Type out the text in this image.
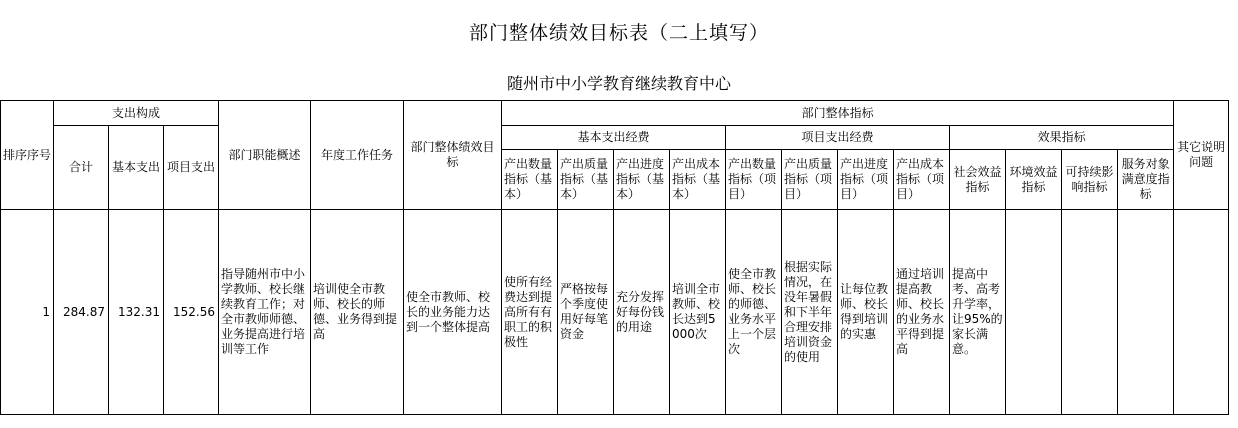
部门整体绩效目标表（二上填写）
随州市中小学教育继续教育中心
排序序号	支出构成			部门职能概述	年度工作任务	部门整体绩效目标	部门整体指标												其它说明问题
	合计	基本支出	项目支出				基本支出经费				项目支出经费				效果指标				
							产出数量指标（基本）	产出质量指标（基本）	产出进度指标（基本）	产出成本指标（基本）	产出数量指标（项目）	产出质量指标（项目）	产出进度指标（项目）	产出成本指标（项目）	社会效益指标	环境效益指标	可持续影响指标	服务对象满意度指标	
1	284.87	132.31	152.56	指导随州市中小学教师、校长继续教育工作；对全市教师师德、业务提高进行培训等工作	培训使全市教师、校长的师德、业务得到提高	使全市教师、校长的业务能力达到一个整体提高	使所有经费达到提高所有有职工的积极性	严格按每个季度使用好每笔资金	充分发挥好每份钱的用途	培训全市教师、校长达到5000次	使全市教师、校长的师德、业务水平上一个层次	根据实际情况，在没年暑假和下半年合理安排培训资金的使用	让每位教师、校长得到培训的实惠	通过培训提高教师、校长的业务水平得到提高	提高中考、高考升学率，让95%的家长满意。				
